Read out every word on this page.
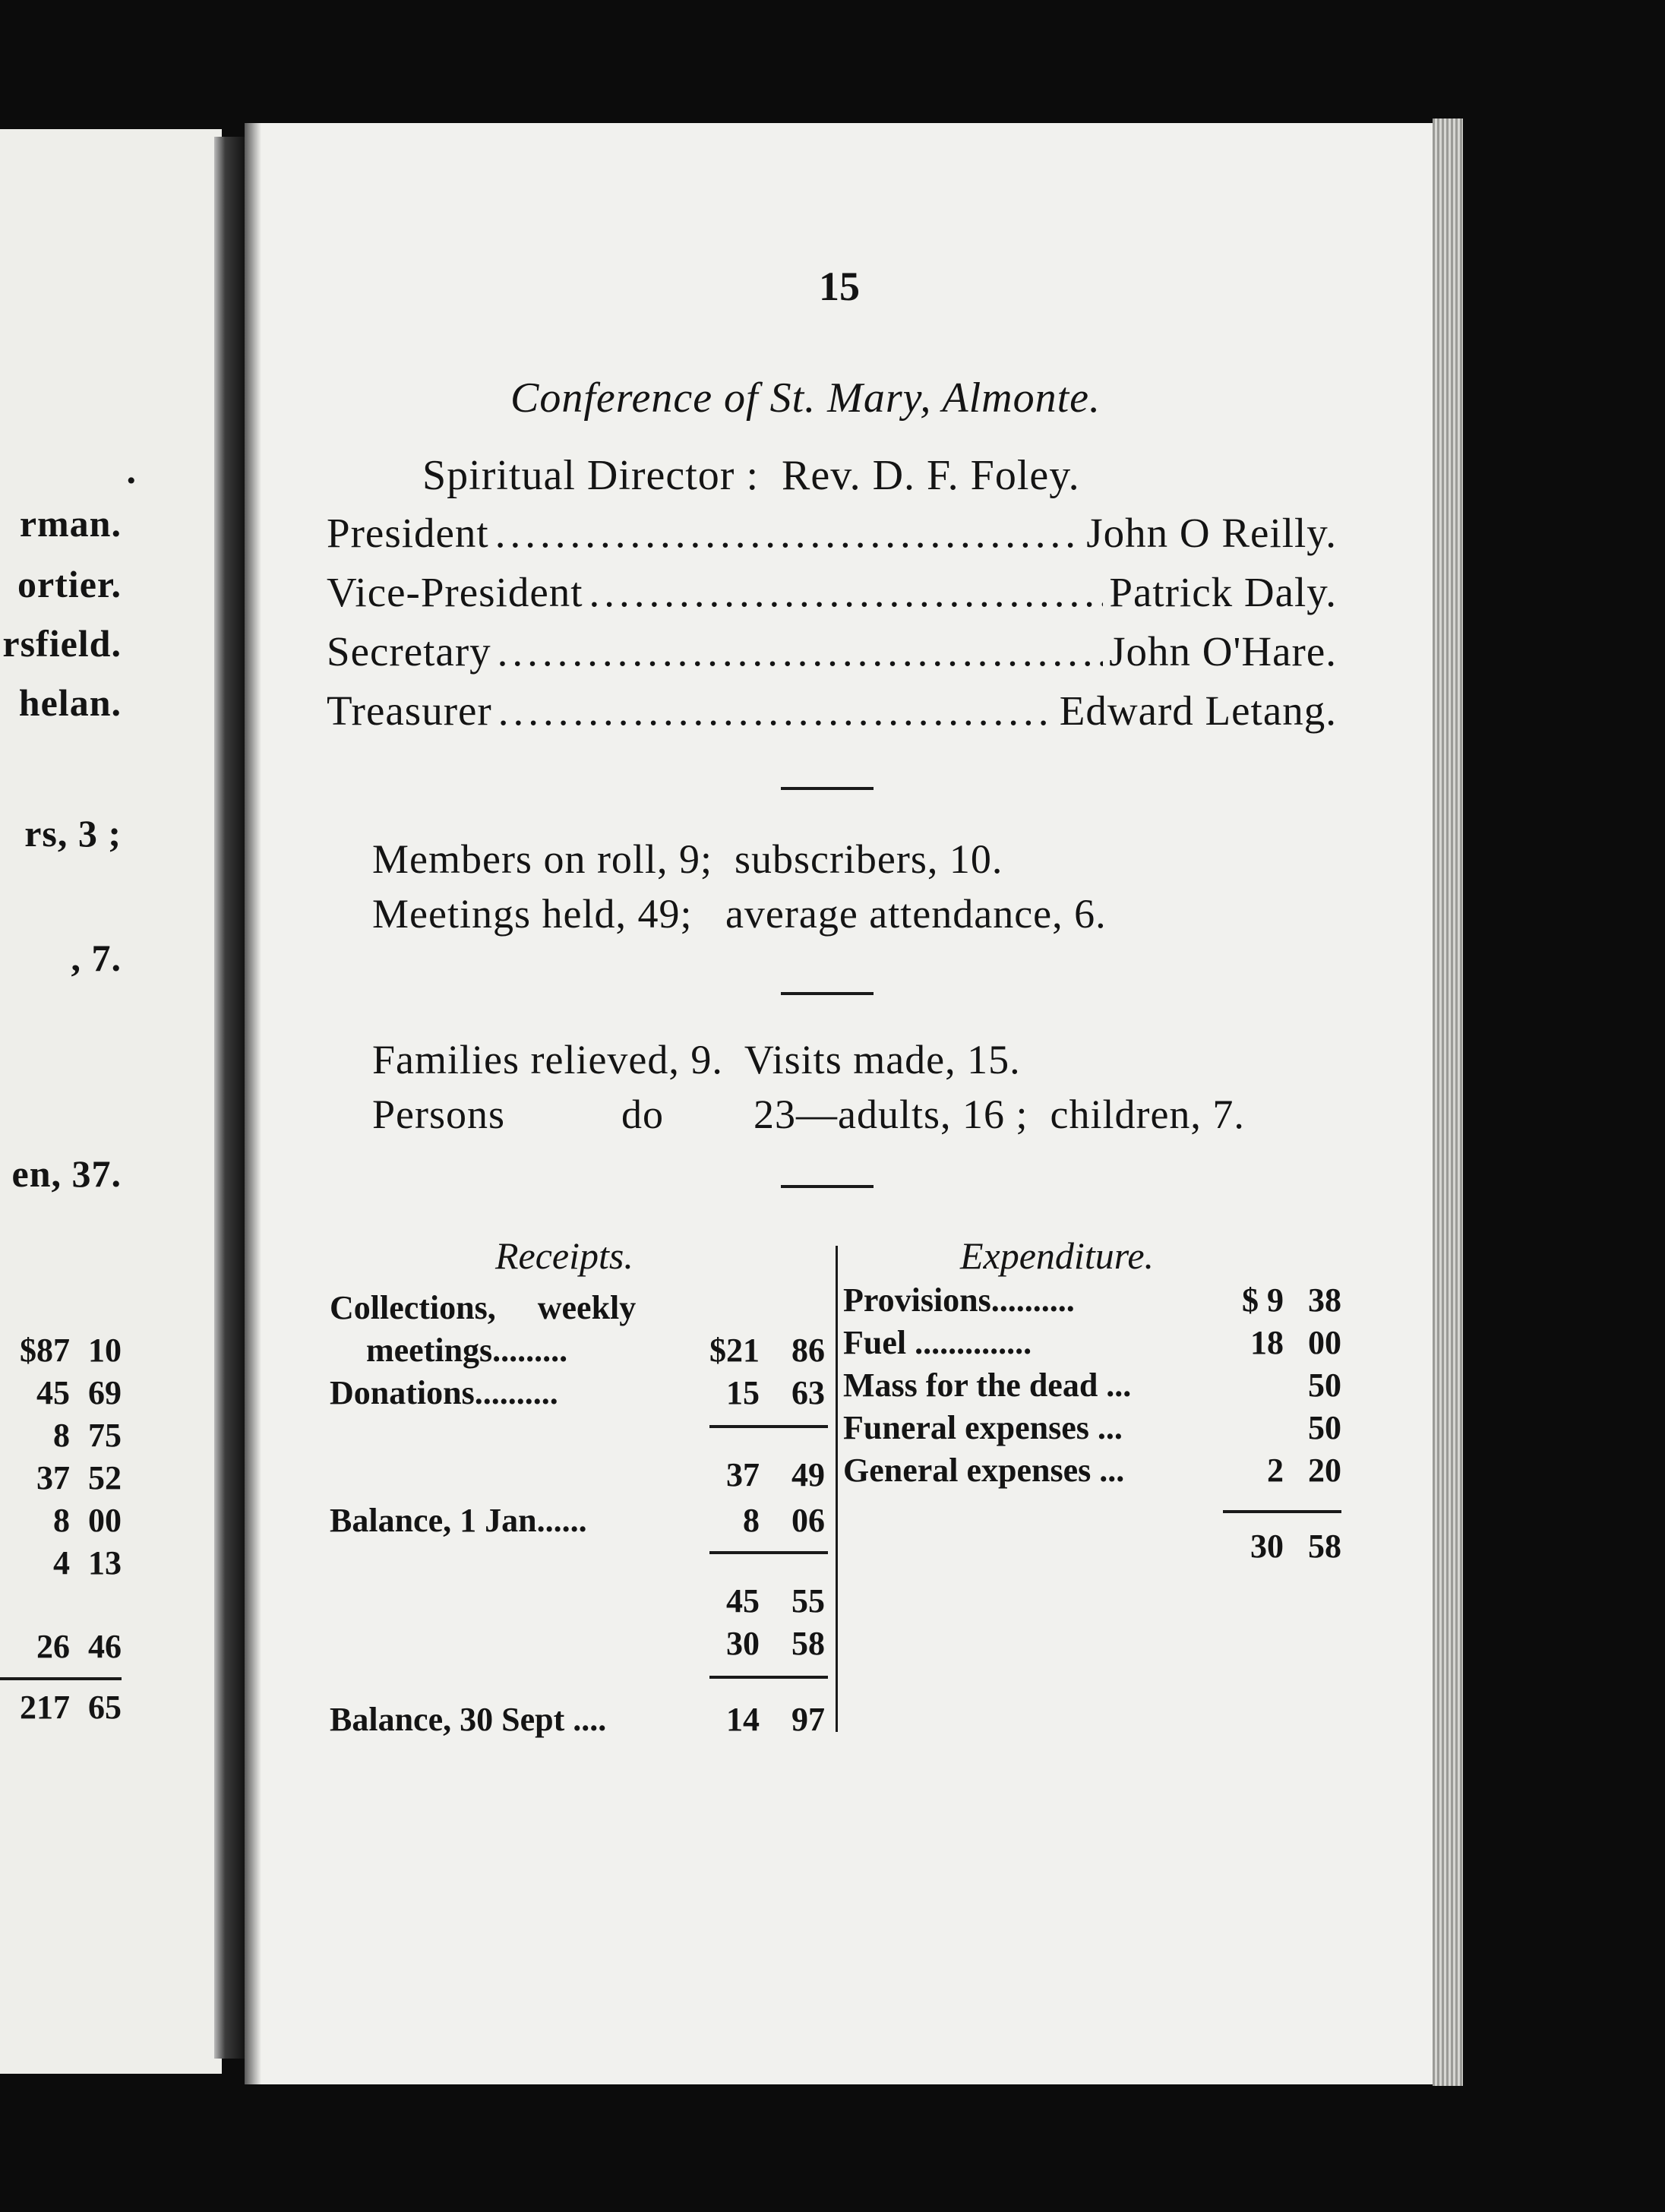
.
rman.
ortier.
rsfield.
helan.
rs, 3 ;
, 7.
en, 37.
$87 10
45 69
8 75
37 52
8 00
4 13
26 46
217 65
15
Conference of St. Mary, Almonte.
Spiritual Director :  Rev. D. F. Foley.
President .....	John O Reilly.
Vice-President .....	Patrick Daly.
Secretary .....	John O'Hare.
Treasurer .....	Edward Letang.
Members on roll, 9;  subscribers, 10.
Meetings held, 49;   average attendance, 6.
Families relieved, 9.  Visits made, 15.
Persons	do 23—adults, 16 ;  children, 7.
Receipts.	Expenditure.
Collections,     weekly
meetings.........	$21 86
Donations..........	15 63
37 49
Balance, 1 Jan......	8 06
45 55
30 58
Balance, 30 Sept ....	14 97
Provisions..........	$ 9 38
Fuel ..............	18 00
Mass for the dead ...	50
Funeral expenses ...	50
General expenses ...	2 20
30 58
